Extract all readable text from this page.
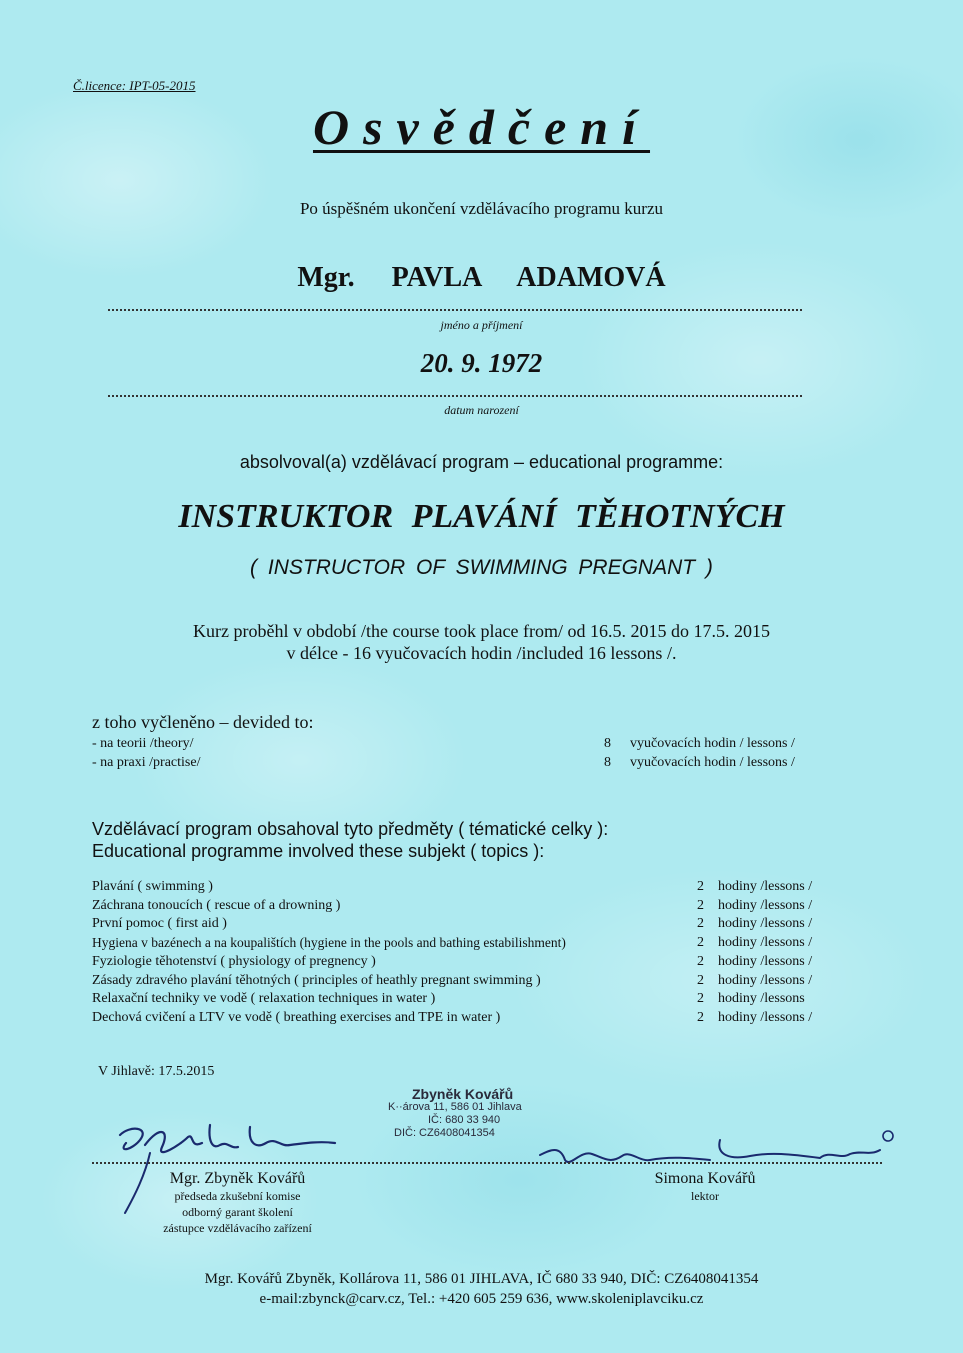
Č.licence: IPT-05-2015
Osvědčení
Po úspěšném ukončení vzdělávacího programu kurzu
Mgr. PAVLA ADAMOVÁ
jméno a příjmení
20. 9. 1972
datum narození
absolvoval(a) vzdělávací program – educational programme:
INSTRUKTOR PLAVÁNÍ TĚHOTNÝCH
( INSTRUCTOR OF SWIMMING PREGNANT )
Kurz proběhl v období /the course took place from/ od 16.5. 2015 do 17.5. 2015
v délce - 16 vyučovacích hodin /included 16 lessons /.
z toho vyčleněno – devided to:
- na teorii /theory/	8 vyučovacích hodin / lessons /
- na praxi /practise/	8 vyučovacích hodin / lessons /
Vzdělávací program obsahoval tyto předměty ( tématické celky ):
Educational programme involved these subjekt ( topics ):
Plavání ( swimming )	2 hodiny /lessons /
Záchrana tonoucích ( rescue of a drowning )	2 hodiny /lessons /
První pomoc ( first aid )	2 hodiny /lessons /
Hygiena v bazénech a na koupalištích (hygiene in the pools and bathing estabilishment)	2 hodiny /lessons /
Fyziologie těhotenství ( physiology of pregnency )	2 hodiny /lessons /
Zásady zdravého plavání těhotných ( principles of heathly pregnant swimming )	2 hodiny /lessons /
Relaxační techniky ve vodě ( relaxation techniques in water )	2 hodiny /lessons
Dechová cvičení a LTV ve vodě ( breathing exercises and TPE in water )	2 hodiny /lessons /
V Jihlavě: 17.5.2015
Zbyněk Kovářů
K··árova 11, 586 01 Jihlava
IČ: 680 33 940
DIČ: CZ6408041354
Mgr. Zbyněk Kovářů
předseda zkušební komise
odborný garant školení
zástupce vzdělávacího zařízení
Simona Kovářů
lektor
Mgr. Kovářů Zbyněk, Kollárova 11, 586 01 JIHLAVA, IČ 680 33 940, DIČ: CZ6408041354
e-mail:zbynck@carv.cz, Tel.: +420 605 259 636, www.skoleniplavciku.cz
